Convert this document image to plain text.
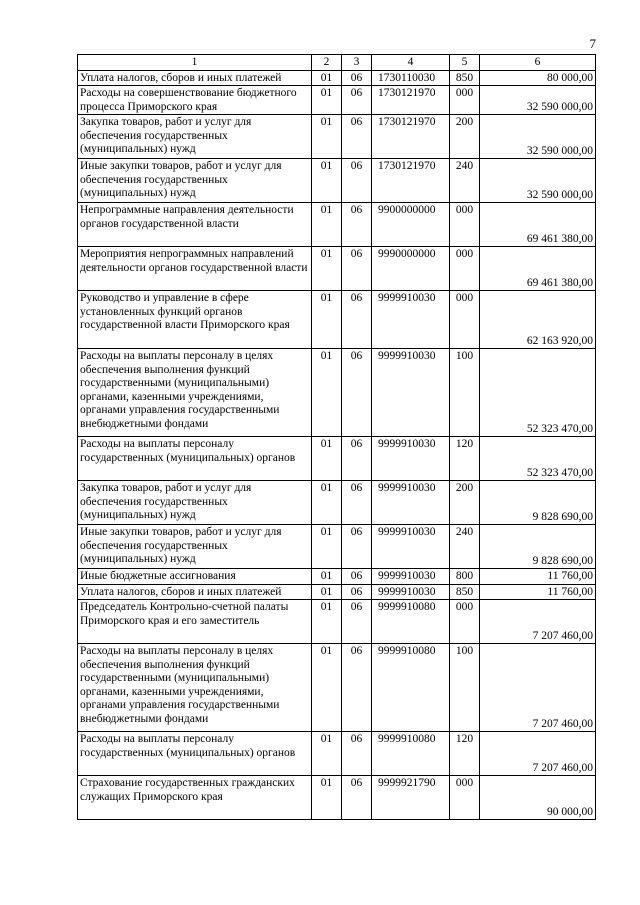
7
1	2	3	4	5	6
Уплата налогов, сборов и иных платежей	01	06	1730110030	850	80 000,00
Расходы на совершенствование бюджетного процесса Приморского края	01	06	1730121970	000	32 590 000,00
Закупка товаров, работ и услуг для обеспечения государственных (муниципальных) нужд	01	06	1730121970	200	32 590 000,00
Иные закупки товаров, работ и услуг для обеспечения государственных (муниципальных) нужд	01	06	1730121970	240	32 590 000,00
Непрограммные направления деятельности органов государственной власти	01	06	9900000000	000	69 461 380,00
Мероприятия непрограммных направлений деятельности органов государственной власти	01	06	9990000000	000	69 461 380,00
Руководство и управление в сфере установленных функций органов государственной власти Приморского края	01	06	9999910030	000	62 163 920,00
Расходы на выплаты персоналу в целях обеспечения выполнения функций государственными (муниципальными) органами, казенными учреждениями, органами управления государственными внебюджетными фондами	01	06	9999910030	100	52 323 470,00
Расходы на выплаты персоналу государственных (муниципальных) органов	01	06	9999910030	120	52 323 470,00
Закупка товаров, работ и услуг для обеспечения государственных (муниципальных) нужд	01	06	9999910030	200	9 828 690,00
Иные закупки товаров, работ и услуг для обеспечения государственных (муниципальных) нужд	01	06	9999910030	240	9 828 690,00
Иные бюджетные ассигнования	01	06	9999910030	800	11 760,00
Уплата налогов, сборов и иных платежей	01	06	9999910030	850	11 760,00
Председатель Контрольно-счетной палаты Приморского края и его заместитель	01	06	9999910080	000	7 207 460,00
Расходы на выплаты персоналу в целях обеспечения выполнения функций государственными (муниципальными) органами, казенными учреждениями, органами управления государственными внебюджетными фондами	01	06	9999910080	100	7 207 460,00
Расходы на выплаты персоналу государственных (муниципальных) органов	01	06	9999910080	120	7 207 460,00
Страхование государственных гражданских служащих Приморского края	01	06	9999921790	000	90 000,00
